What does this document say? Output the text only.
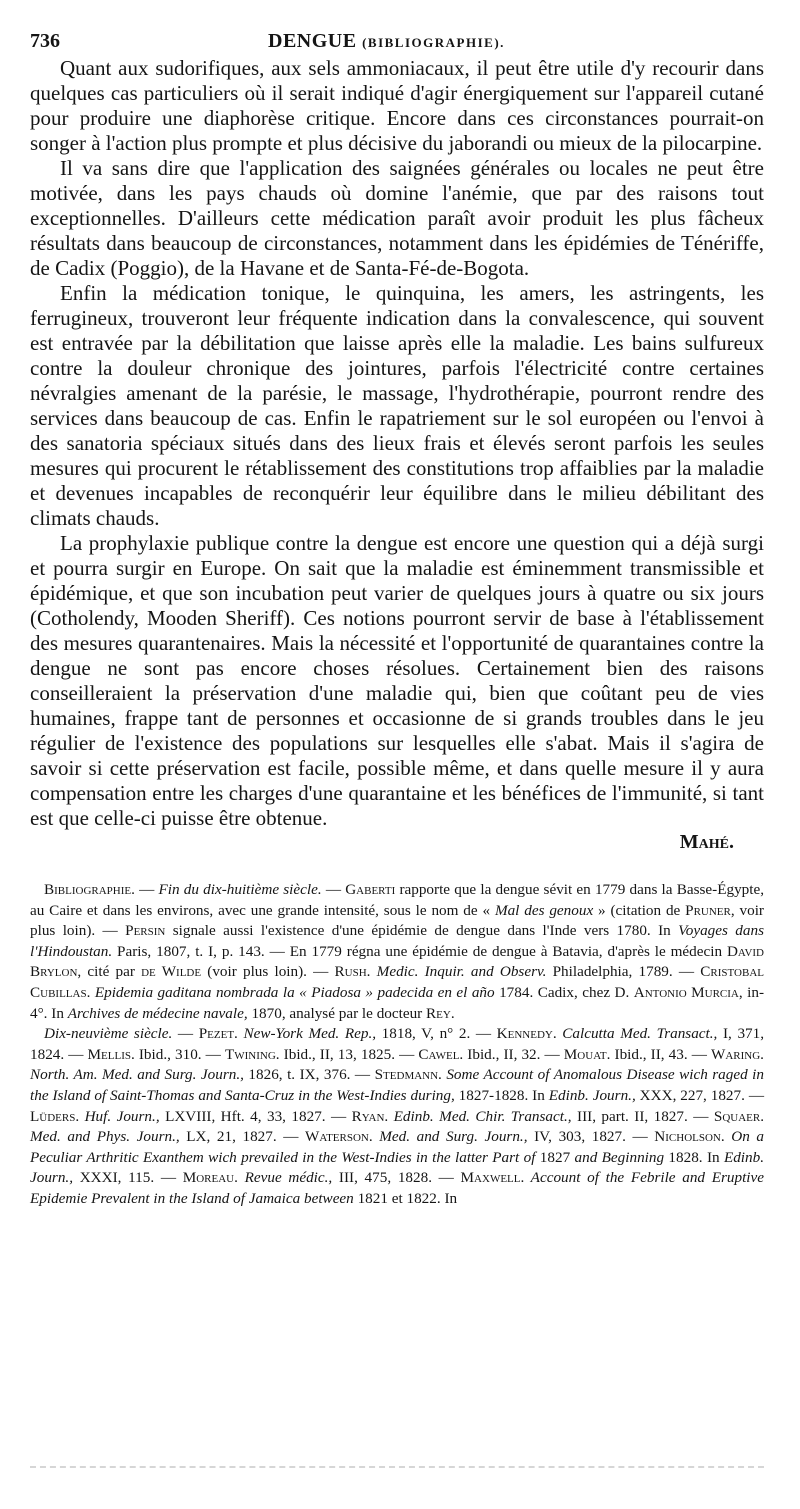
736	DENGUE (BIBLIOGRAPHIE).

Quant aux sudorifiques, aux sels ammoniacaux, il peut être utile d'y recourir dans quelques cas particuliers où il serait indiqué d'agir énergiquement sur l'appareil cutané pour produire une diaphorèse critique. Encore dans ces circonstances pourrait-on songer à l'action plus prompte et plus décisive du jaborandi ou mieux de la pilocarpine.

Il va sans dire que l'application des saignées générales ou locales ne peut être motivée, dans les pays chauds où domine l'anémie, que par des raisons tout exceptionnelles. D'ailleurs cette médication paraît avoir produit les plus fâcheux résultats dans beaucoup de circonstances, notamment dans les épidémies de Ténériffe, de Cadix (Poggio), de la Havane et de Santa-Fé-de-Bogota.

Enfin la médication tonique, le quinquina, les amers, les astringents, les ferrugineux, trouveront leur fréquente indication dans la convalescence, qui souvent est entravée par la débilitation que laisse après elle la maladie. Les bains sulfureux contre la douleur chronique des jointures, parfois l'électricité contre certaines névralgies amenant de la parésie, le massage, l'hydrothérapie, pourront rendre des services dans beaucoup de cas. Enfin le rapatriement sur le sol européen ou l'envoi à des sanatoria spéciaux situés dans des lieux frais et élevés seront parfois les seules mesures qui procurent le rétablissement des constitutions trop affaiblies par la maladie et devenues incapables de reconquérir leur équilibre dans le milieu débilitant des climats chauds.

La prophylaxie publique contre la dengue est encore une question qui a déjà surgi et pourra surgir en Europe. On sait que la maladie est éminemment transmissible et épidémique, et que son incubation peut varier de quelques jours à quatre ou six jours (Cotholendy, Mooden Sheriff). Ces notions pourront servir de base à l'établissement des mesures quarantenaires. Mais la nécessité et l'opportunité de quarantaines contre la dengue ne sont pas encore choses résolues. Certainement bien des raisons conseilleraient la préservation d'une maladie qui, bien que coûtant peu de vies humaines, frappe tant de personnes et occasionne de si grands troubles dans le jeu régulier de l'existence des populations sur lesquelles elle s'abat. Mais il s'agira de savoir si cette préservation est facile, possible même, et dans quelle mesure il y aura compensation entre les charges d'une quarantaine et les bénéfices de l'immunité, si tant est que celle-ci puisse être obtenue.

Mahé.

Bibliographie. — Fin du dix-huitième siècle. — Gaberti rapporte que la dengue sévit en 1779 dans la Basse-Égypte, au Caire et dans les environs, avec une grande intensité, sous le nom de « Mal des genoux » (citation de Pruner, voir plus loin). — Persin signale aussi l'existence d'une épidémie de dengue dans l'Inde vers 1780. In Voyages dans l'Hindoustan. Paris, 1807, t. I, p. 143. — En 1779 régna une épidémie de dengue à Batavia, d'après le médecin David Brylon, cité par de Wilde (voir plus loin). — Rush. Medic. Inquir. and Observ. Philadelphia, 1789. — Cristobal Cubillas. Epidemia gaditana nombrada la « Piadosa » padecida en el año 1784. Cadix, chez D. Antonio Murcia, in-4°. In Archives de médecine navale, 1870, analysé par le docteur Rey.

Dix-neuvième siècle. — Pezet. New-York Med. Rep., 1818, V, n° 2. — Kennedy. Calcutta Med. Transact., I, 371, 1824. — Mellis. Ibid., 310. — Twining. Ibid., II, 13, 1825. — Cawel. Ibid., II, 32. — Mouat. Ibid., II, 43. — Waring. North. Am. Med. and Surg. Journ., 1826, t. IX, 376. — Stedmann. Some Account of Anomalous Disease wich raged in the Island of Saint-Thomas and Santa-Cruz in the West-Indies during, 1827-1828. In Edinb. Journ., XXX, 227, 1827. — Lüders. Huf. Journ., LXVIII, Hft. 4, 33, 1827. — Ryan. Edinb. Med. Chir. Transact., III, part. II, 1827. — Squaer. Med. and Phys. Journ., LX, 21, 1827. — Waterson. Med. and Surg. Journ., IV, 303, 1827. — Nicholson. On a Peculiar Arthritic Exanthem wich prevailed in the West-Indies in the latter Part of 1827 and Beginning 1828. In Edinb. Journ., XXXI, 115. — Moreau. Revue médic., III, 475, 1828. — Maxwell. Account of the Febrile and Eruptive Epidemie Prevalent in the Island of Jamaica between 1821 et 1822. In
